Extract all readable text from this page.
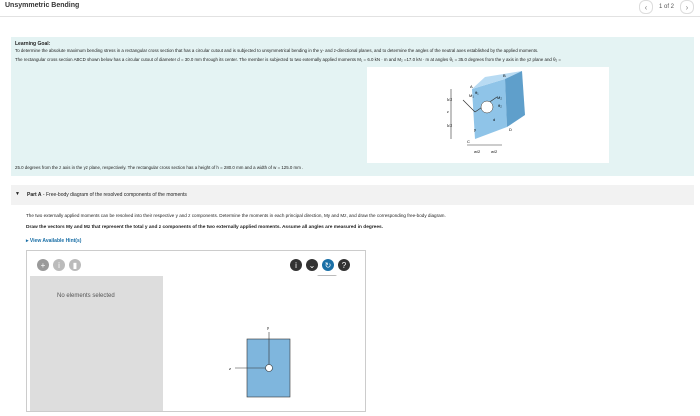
Unsymmetric Bending	‹	1 of 2	›
Learning Goal:
To determine the absolute maximum bending stress in a rectangular cross section that has a circular cutout and is subjected to unsymmetrical bending in the y- and z-directional planes, and to determine the angles of the neutral axes established by the applied moments.
The rectangular cross section ABCD shown below has a circular cutout of diameter d = 30.0 mm through its center. The member is subjected to two externally applied moments M₁ = 6.0 kN · m and M₂ =17.0 kN · m at angles θ₁ = 35.0 degrees from the y axis in the yz plane and θ₂ =
h/2
z
h/2
M₁
θ₁
M₂
θ₂
A
B
C
D
y
d
w/2	w/2
25.0 degrees from the z axis in the yz plane, respectively. The rectangular cross section has a height of h = 280.0 mm and a width of w = 125.0 mm .
▼ Part A - Free-body diagram of the resolved components of the moments
The two externally applied moments can be resolved into their respective y and z components. Determine the moments in each principal direction, My and Mz, and draw the corresponding free-body diagram.
Draw the vectors My and Mz that represent the total y and z components of the two externally applied moments. Assume all angles are measured in degrees.
▸ View Available Hint(s)
+	i	▮	i	⌄	↻	?
No elements selected
y
z
